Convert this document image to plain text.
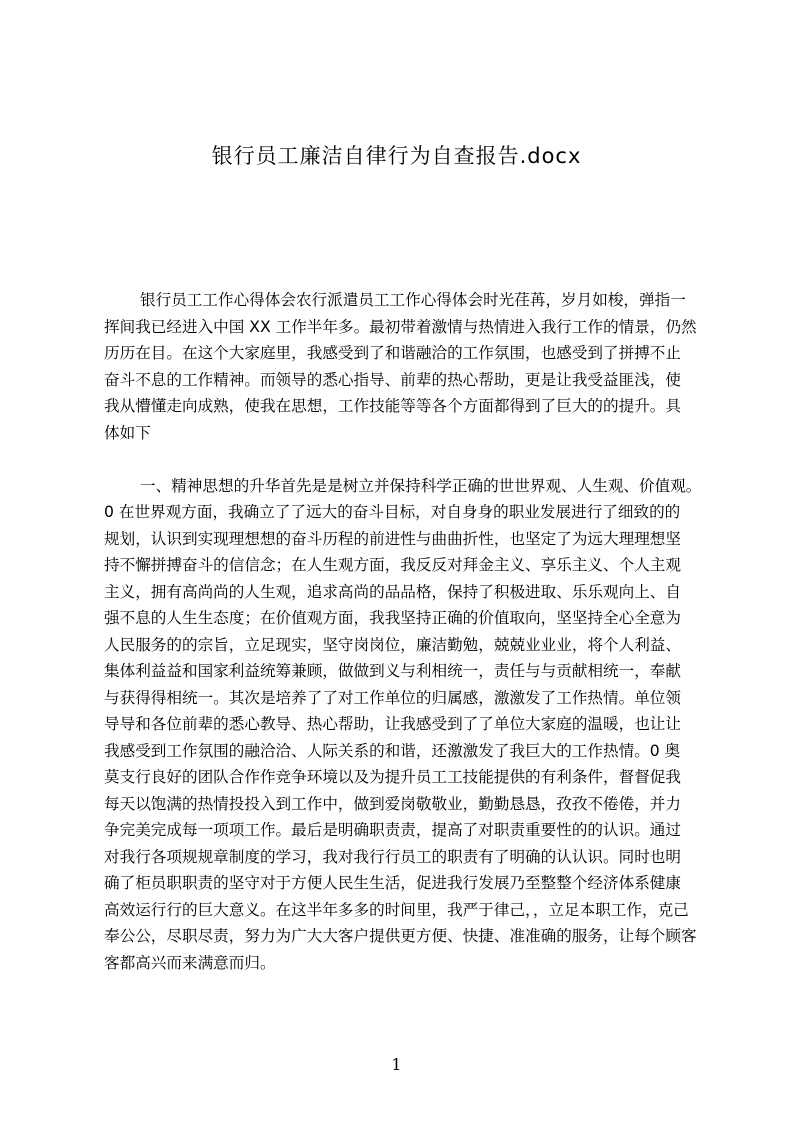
银行员工廉洁自律行为自查报告.docx
银行员工工作心得体会农行派遣员工工作心得体会时光荏苒，岁月如梭，弹指一
挥间我已经进入中国 XX 工作半年多。最初带着激情与热情进入我行工作的情景，仍然
历历在目。在这个大家庭里，我感受到了和谐融洽的工作氛围，也感受到了拼搏不止
奋斗不息的工作精神。而领导的悉心指导、前辈的热心帮助，更是让我受益匪浅，使
我从懵懂走向成熟，使我在思想，工作技能等等各个方面都得到了巨大的的提升。具
体如下
一、精神思想的升华首先是是树立并保持科学正确的世世界观、人生观、价值观。
0 在世界观方面，我确立了了远大的奋斗目标，对自身身的职业发展进行了细致的的
规划，认识到实现理想想的奋斗历程的前进性与曲曲折性，也坚定了为远大理理想坚
持不懈拼搏奋斗的信信念；在人生观方面，我反反对拜金主义、享乐主义、个人主观
主义，拥有高尚尚的人生观，追求高尚的品品格，保持了积极进取、乐乐观向上、自
强不息的人生生态度；在价值观方面，我我坚持正确的价值取向，坚坚持全心全意为
人民服务的的宗旨，立足现实，坚守岗岗位，廉洁勤勉，兢兢业业业，将个人利益、
集体利益益和国家利益统筹兼顾，做做到义与利相统一，责任与与贡献相统一，奉献
与获得得相统一。其次是培养了了对工作单位的归属感，激激发了工作热情。单位领
导导和各位前辈的悉心教导、热心帮助，让我感受到了了单位大家庭的温暖，也让让
我感受到工作氛围的融洽洽、人际关系的和谐，还激激发了我巨大的工作热情。0 奥
莫支行良好的团队合作作竞争环境以及为提升员工工技能提供的有利条件，督督促我
每天以饱满的热情投投入到工作中，做到爱岗敬敬业，勤勤恳恳，孜孜不倦倦，并力
争完美完成每一项项工作。最后是明确职责责，提高了对职责重要性的的认识。通过
对我行各项规规章制度的学习，我对我行行员工的职责有了明确的认认识。同时也明
确了柜员职职责的坚守对于方便人民生生活，促进我行发展乃至整整个经济体系健康
高效运行行的巨大意义。在这半年多多的时间里，我严于律己，，立足本职工作，克己
奉公公，尽职尽责，努力为广大大客户提供更方便、快捷、准准确的服务，让每个顾客
客都高兴而来满意而归。
1
